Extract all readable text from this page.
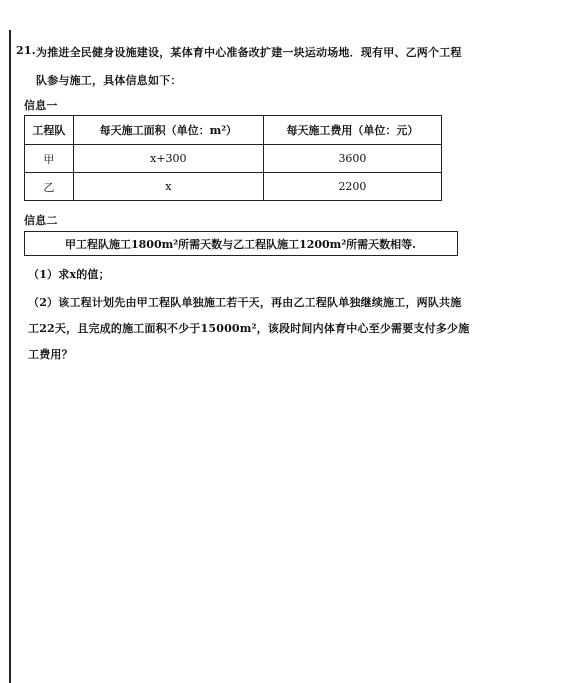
21. 为推进全民健身设施建设，某体育中心准备改扩建一块运动场地．现有甲、乙两个工程
队参与施工，具体信息如下：
信息一
工程队	每天施工面积（单位：m²）	每天施工费用（单位：元）
甲	x+300	3600
乙	x	2200
信息二
甲工程队施工1800m²所需天数与乙工程队施工1200m²所需天数相等.
（1）求x的值；
（2）该工程计划先由甲工程队单独施工若干天，再由乙工程队单独继续施工，两队共施
工22天，且完成的施工面积不少于15000m²，该段时间内体育中心至少需要支付多少施
工费用？
